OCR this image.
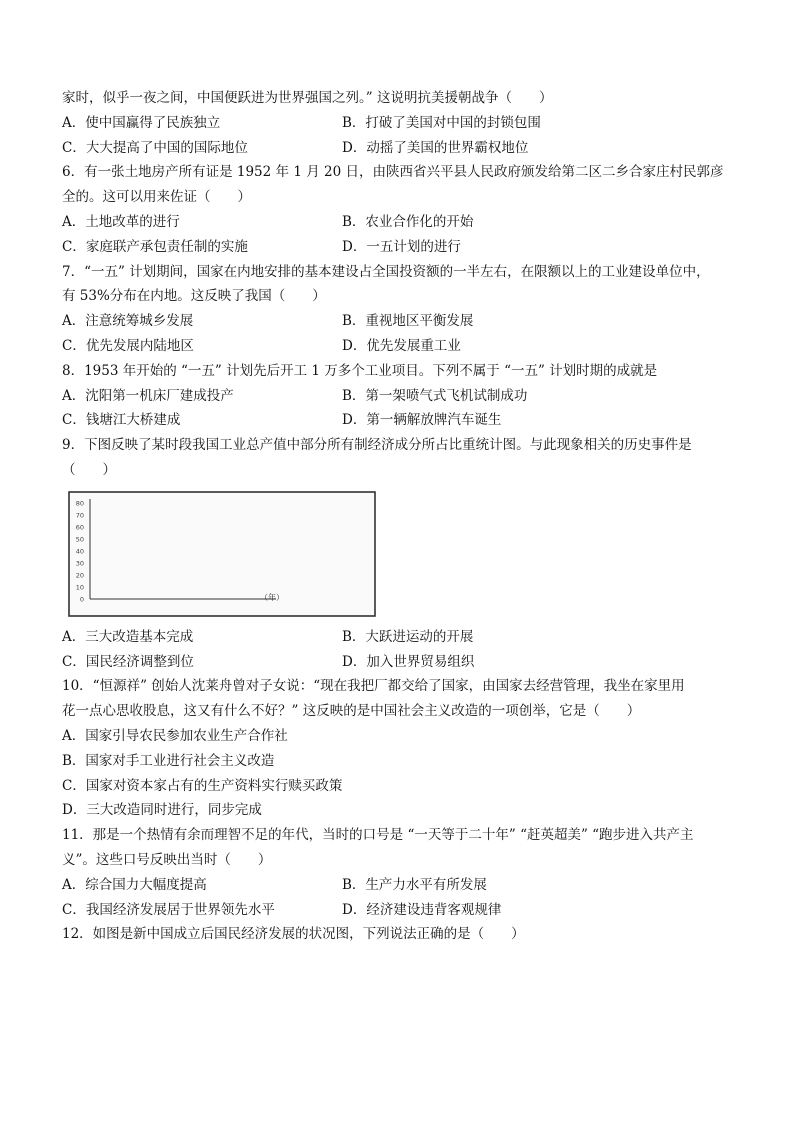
家时，似乎一夜之间，中国便跃进为世界强国之列。” 这说明抗美援朝战争（　　）
A．使中国赢得了民族独立	B．打破了美国对中国的封锁包围
C．大大提高了中国的国际地位	D．动摇了美国的世界霸权地位
6．有一张土地房产所有证是 1952 年 1 月 20 日，由陕西省兴平县人民政府颁发给第二区二乡合家庄村民郭彦
全的。这可以用来佐证（　　）
A．土地改革的进行	B．农业合作化的开始
C．家庭联产承包责任制的实施	D．一五计划的进行
7．“一五” 计划期间，国家在内地安排的基本建设占全国投资额的一半左右，在限额以上的工业建设单位中，
有 53%分布在内地。这反映了我国（　　）
A．注意统筹城乡发展	B．重视地区平衡发展
C．优先发展内陆地区	D．优先发展重工业
8．1953 年开始的 “一五” 计划先后开工 1 万多个工业项目。下列不属于 “一五” 计划时期的成就是
A．沈阳第一机床厂建成投产	B．第一架喷气式飞机试制成功
C．钱塘江大桥建成	D．第一辆解放牌汽车诞生
9．下图反映了某时段我国工业总产值中部分所有制经济成分所占比重统计图。与此现象相关的历史事件是
（　　）
（年）
80
70
60
50
40
30
20
10
0
A．三大改造基本完成	B．大跃进运动的开展
C．国民经济调整到位	D．加入世界贸易组织
10．“恒源祥” 创始人沈莱舟曾对子女说：“现在我把厂都交给了国家，由国家去经营管理，我坐在家里用
花一点心思收股息，这又有什么不好？” 这反映的是中国社会主义改造的一项创举，它是（　　）
A．国家引导农民参加农业生产合作社
B．国家对手工业进行社会主义改造
C．国家对资本家占有的生产资料实行赎买政策
D．三大改造同时进行，同步完成
11．那是一个热情有余而理智不足的年代，当时的口号是 “一天等于二十年” “赶英超美” “跑步进入共产主
义”。这些口号反映出当时（　　）
A．综合国力大幅度提高	B．生产力水平有所发展
C．我国经济发展居于世界领先水平	D．经济建设违背客观规律
12．如图是新中国成立后国民经济发展的状况图，下列说法正确的是（　　）
